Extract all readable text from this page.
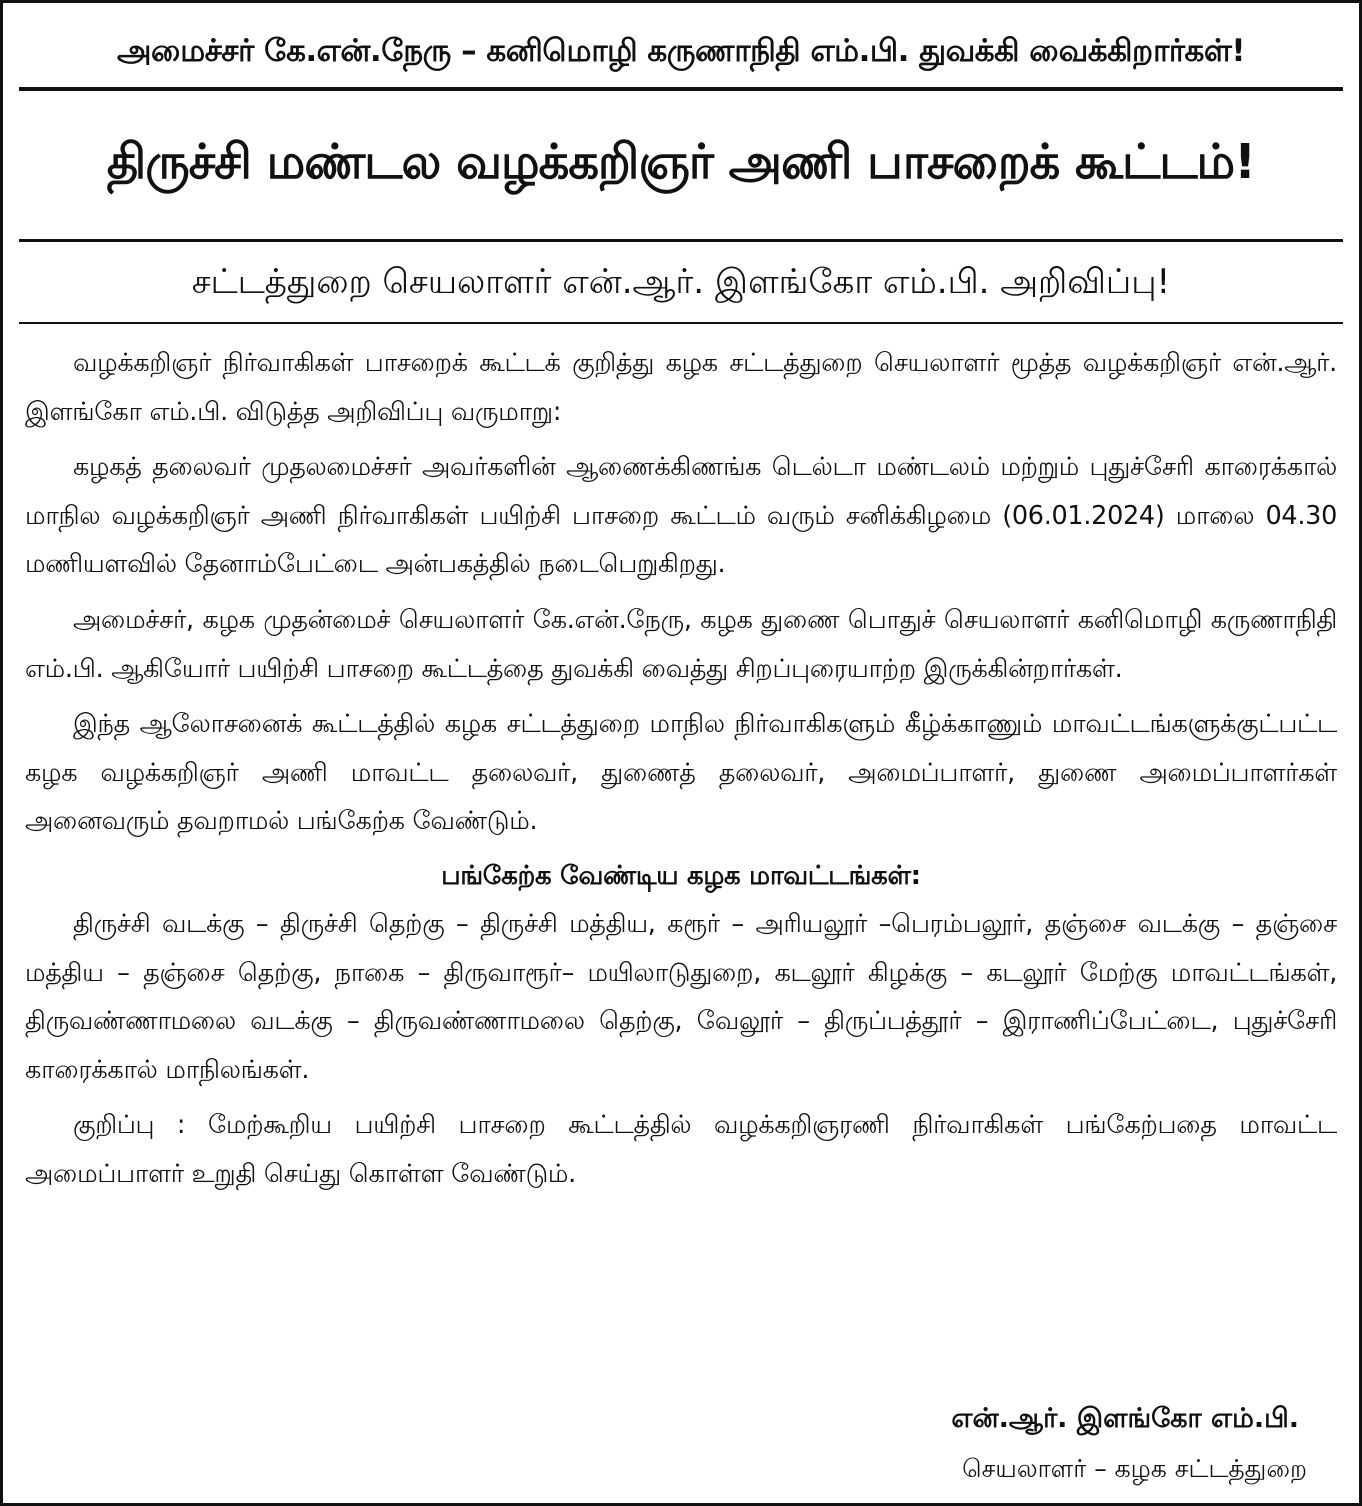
அமைச்சர் கே.என்.நேரு – கனிமொழி கருணாநிதி எம்.பி. துவக்கி வைக்கிறார்கள்!
திருச்சி மண்டல வழக்கறிஞர் அணி பாசறைக் கூட்டம்!
சட்டத்துறை செயலாளர் என்.ஆர். இளங்கோ எம்.பி. அறிவிப்பு!

வழக்கறிஞர் நிர்வாகிகள் பாசறைக் கூட்டக் குறித்து கழக சட்டத்துறை செயலாளர் மூத்த வழக்கறிஞர் என்.ஆர். இளங்கோ எம்.பி. விடுத்த அறிவிப்பு வருமாறு:

கழகத் தலைவர் முதலமைச்சர் அவர்களின் ஆணைக்கிணங்க டெல்டா மண்டலம் மற்றும் புதுச்சேரி காரைக்கால் மாநில வழக்கறிஞர் அணி நிர்வாகிகள் பயிற்சி பாசறை கூட்டம் வரும் சனிக்கிழமை (06.01.2024) மாலை 04.30 மணியளவில் தேனாம்பேட்டை அன்பகத்தில் நடைபெறுகிறது.

அமைச்சர், கழக முதன்மைச் செயலாளர் கே.என்.நேரு, கழக துணை பொதுச் செயலாளர் கனிமொழி கருணாநிதி எம்.பி. ஆகியோர் பயிற்சி பாசறை கூட்டத்தை துவக்கி வைத்து சிறப்புரையாற்ற இருக்கின்றார்கள்.

இந்த ஆலோசனைக் கூட்டத்தில் கழக சட்டத்துறை மாநில நிர்வாகிகளும் கீழ்க்காணும் மாவட்டங்களுக்குட்பட்ட கழக வழக்கறிஞர் அணி மாவட்ட தலைவர், துணைத் தலைவர், அமைப்பாளர், துணை அமைப்பாளர்கள் அனைவரும் தவறாமல் பங்கேற்க வேண்டும்.

பங்கேற்க வேண்டிய கழக மாவட்டங்கள்:

திருச்சி வடக்கு – திருச்சி தெற்கு – திருச்சி மத்திய, கரூர் – அரியலூர் –பெரம்பலூர், தஞ்சை வடக்கு – தஞ்சை மத்திய – தஞ்சை தெற்கு, நாகை – திருவாரூர்– மயிலாடுதுறை, கடலூர் கிழக்கு – கடலூர் மேற்கு மாவட்டங்கள், திருவண்ணாமலை வடக்கு – திருவண்ணாமலை தெற்கு, வேலூர் – திருப்பத்தூர் – இராணிப்பேட்டை, புதுச்சேரி காரைக்கால் மாநிலங்கள்.

குறிப்பு : மேற்கூறிய பயிற்சி பாசறை கூட்டத்தில் வழக்கறிஞரணி நிர்வாகிகள் பங்கேற்பதை மாவட்ட அமைப்பாளர் உறுதி செய்து கொள்ள வேண்டும்.

என்.ஆர். இளங்கோ எம்.பி.
செயலாளர் – கழக சட்டத்துறை
